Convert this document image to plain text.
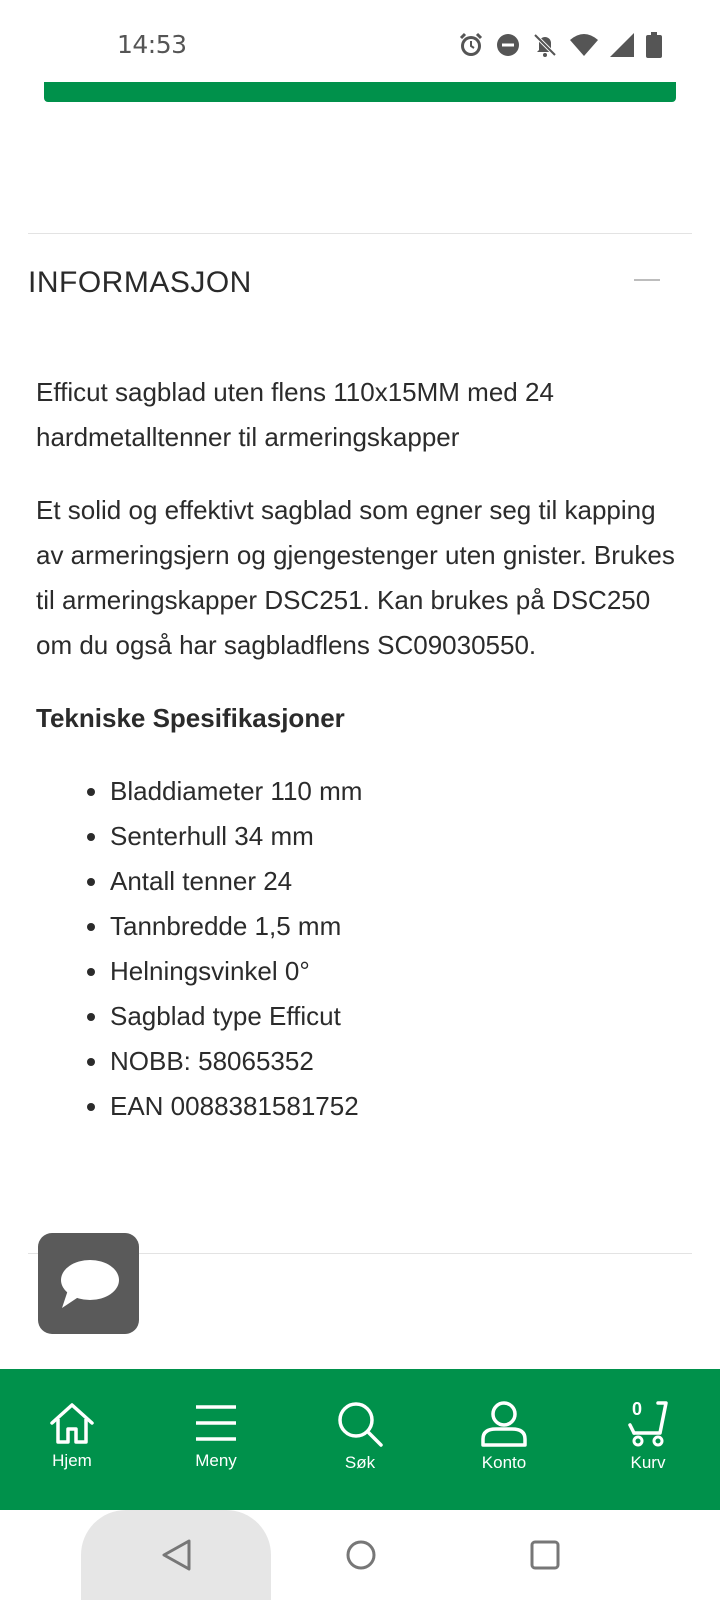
14:53
INFORMASJON

Efficut sagblad uten flens 110x15MM med 24 hardmetalltenner til armeringskapper

Et solid og effektivt sagblad som egner seg til kapping av armeringsjern og gjengestenger uten gnister. Brukes til armeringskapper DSC251. Kan brukes på DSC250 om du også har sagbladflens SC09030550.

Tekniske Spesifikasjoner
• Bladdiameter 110 mm
• Senterhull 34 mm
• Antall tenner 24
• Tannbredde 1,5 mm
• Helningsvinkel 0°
• Sagblad type Efficut
• NOBB: 58065352
• EAN 0088381581752
Hjem	Meny	Søk	Konto
0
Kurv
